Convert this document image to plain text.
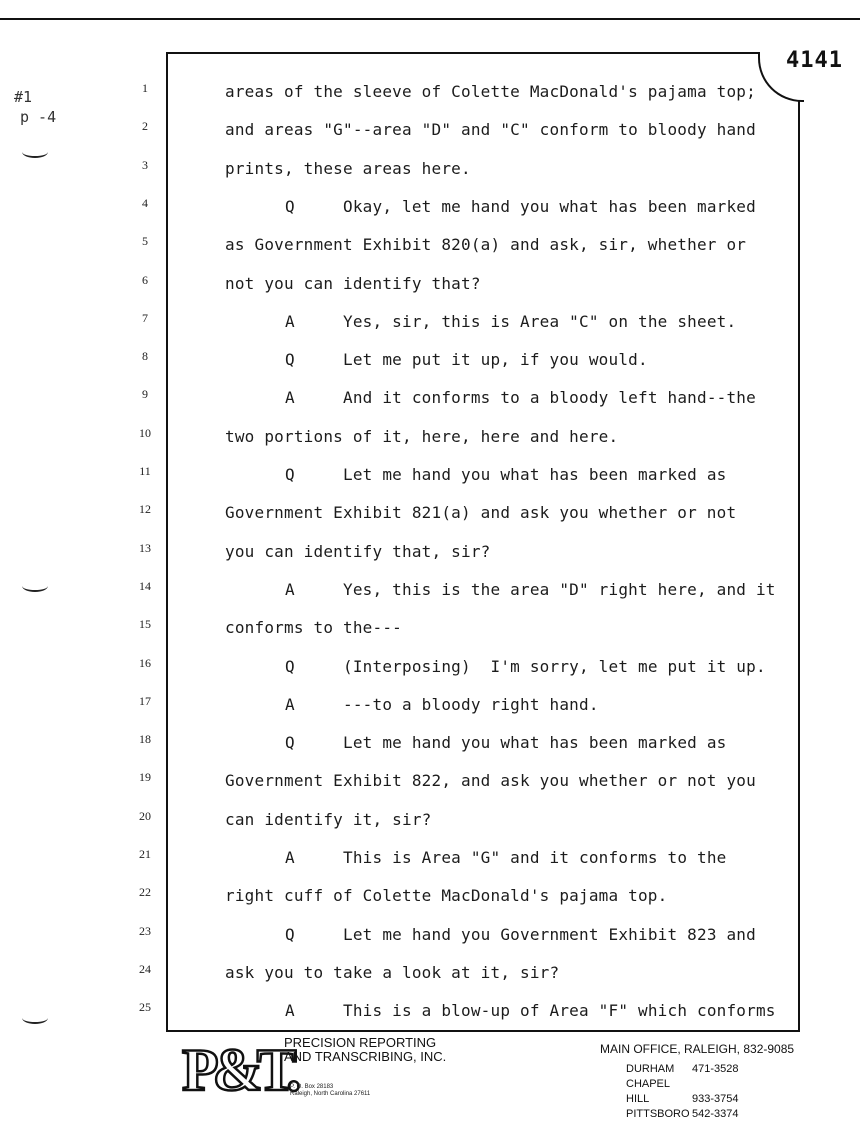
#1
p -4
4141
1	areas of the sleeve of Colette MacDonald's pajama top;
2	and areas "G"--area "D" and "C" conform to bloody hand
3	prints, these areas here.
4	Q	Okay, let me hand you what has been marked
5	as Government Exhibit 820(a) and ask, sir, whether or
6	not you can identify that?
7	A	Yes, sir, this is Area "C" on the sheet.
8	Q	Let me put it up, if you would.
9	A	And it conforms to a bloody left hand--the
10	two portions of it, here, here and here.
11	Q	Let me hand you what has been marked as
12	Government Exhibit 821(a) and ask you whether or not
13	you can identify that, sir?
14	A	Yes, this is the area "D" right here, and it
15	conforms to the---
16	Q	(Interposing)  I'm sorry, let me put it up.
17	A	---to a bloody right hand.
18	Q	Let me hand you what has been marked as
19	Government Exhibit 822, and ask you whether or not you
20	can identify it, sir?
21	A	This is Area "G" and it conforms to the
22	right cuff of Colette MacDonald's pajama top.
23	Q	Let me hand you Government Exhibit 823 and
24	ask you to take a look at it, sir?
25	A	This is a blow-up of Area "F" which conforms
P&T.
PRECISION REPORTING
AND TRANSCRIBING, INC.
P. O. Box 28183
Raleigh, North Carolina 27611
MAIN OFFICE, RALEIGH, 832-9085
DURHAM 471-3528
CHAPEL HILL	933-3754
PITTSBORO 542-3374
